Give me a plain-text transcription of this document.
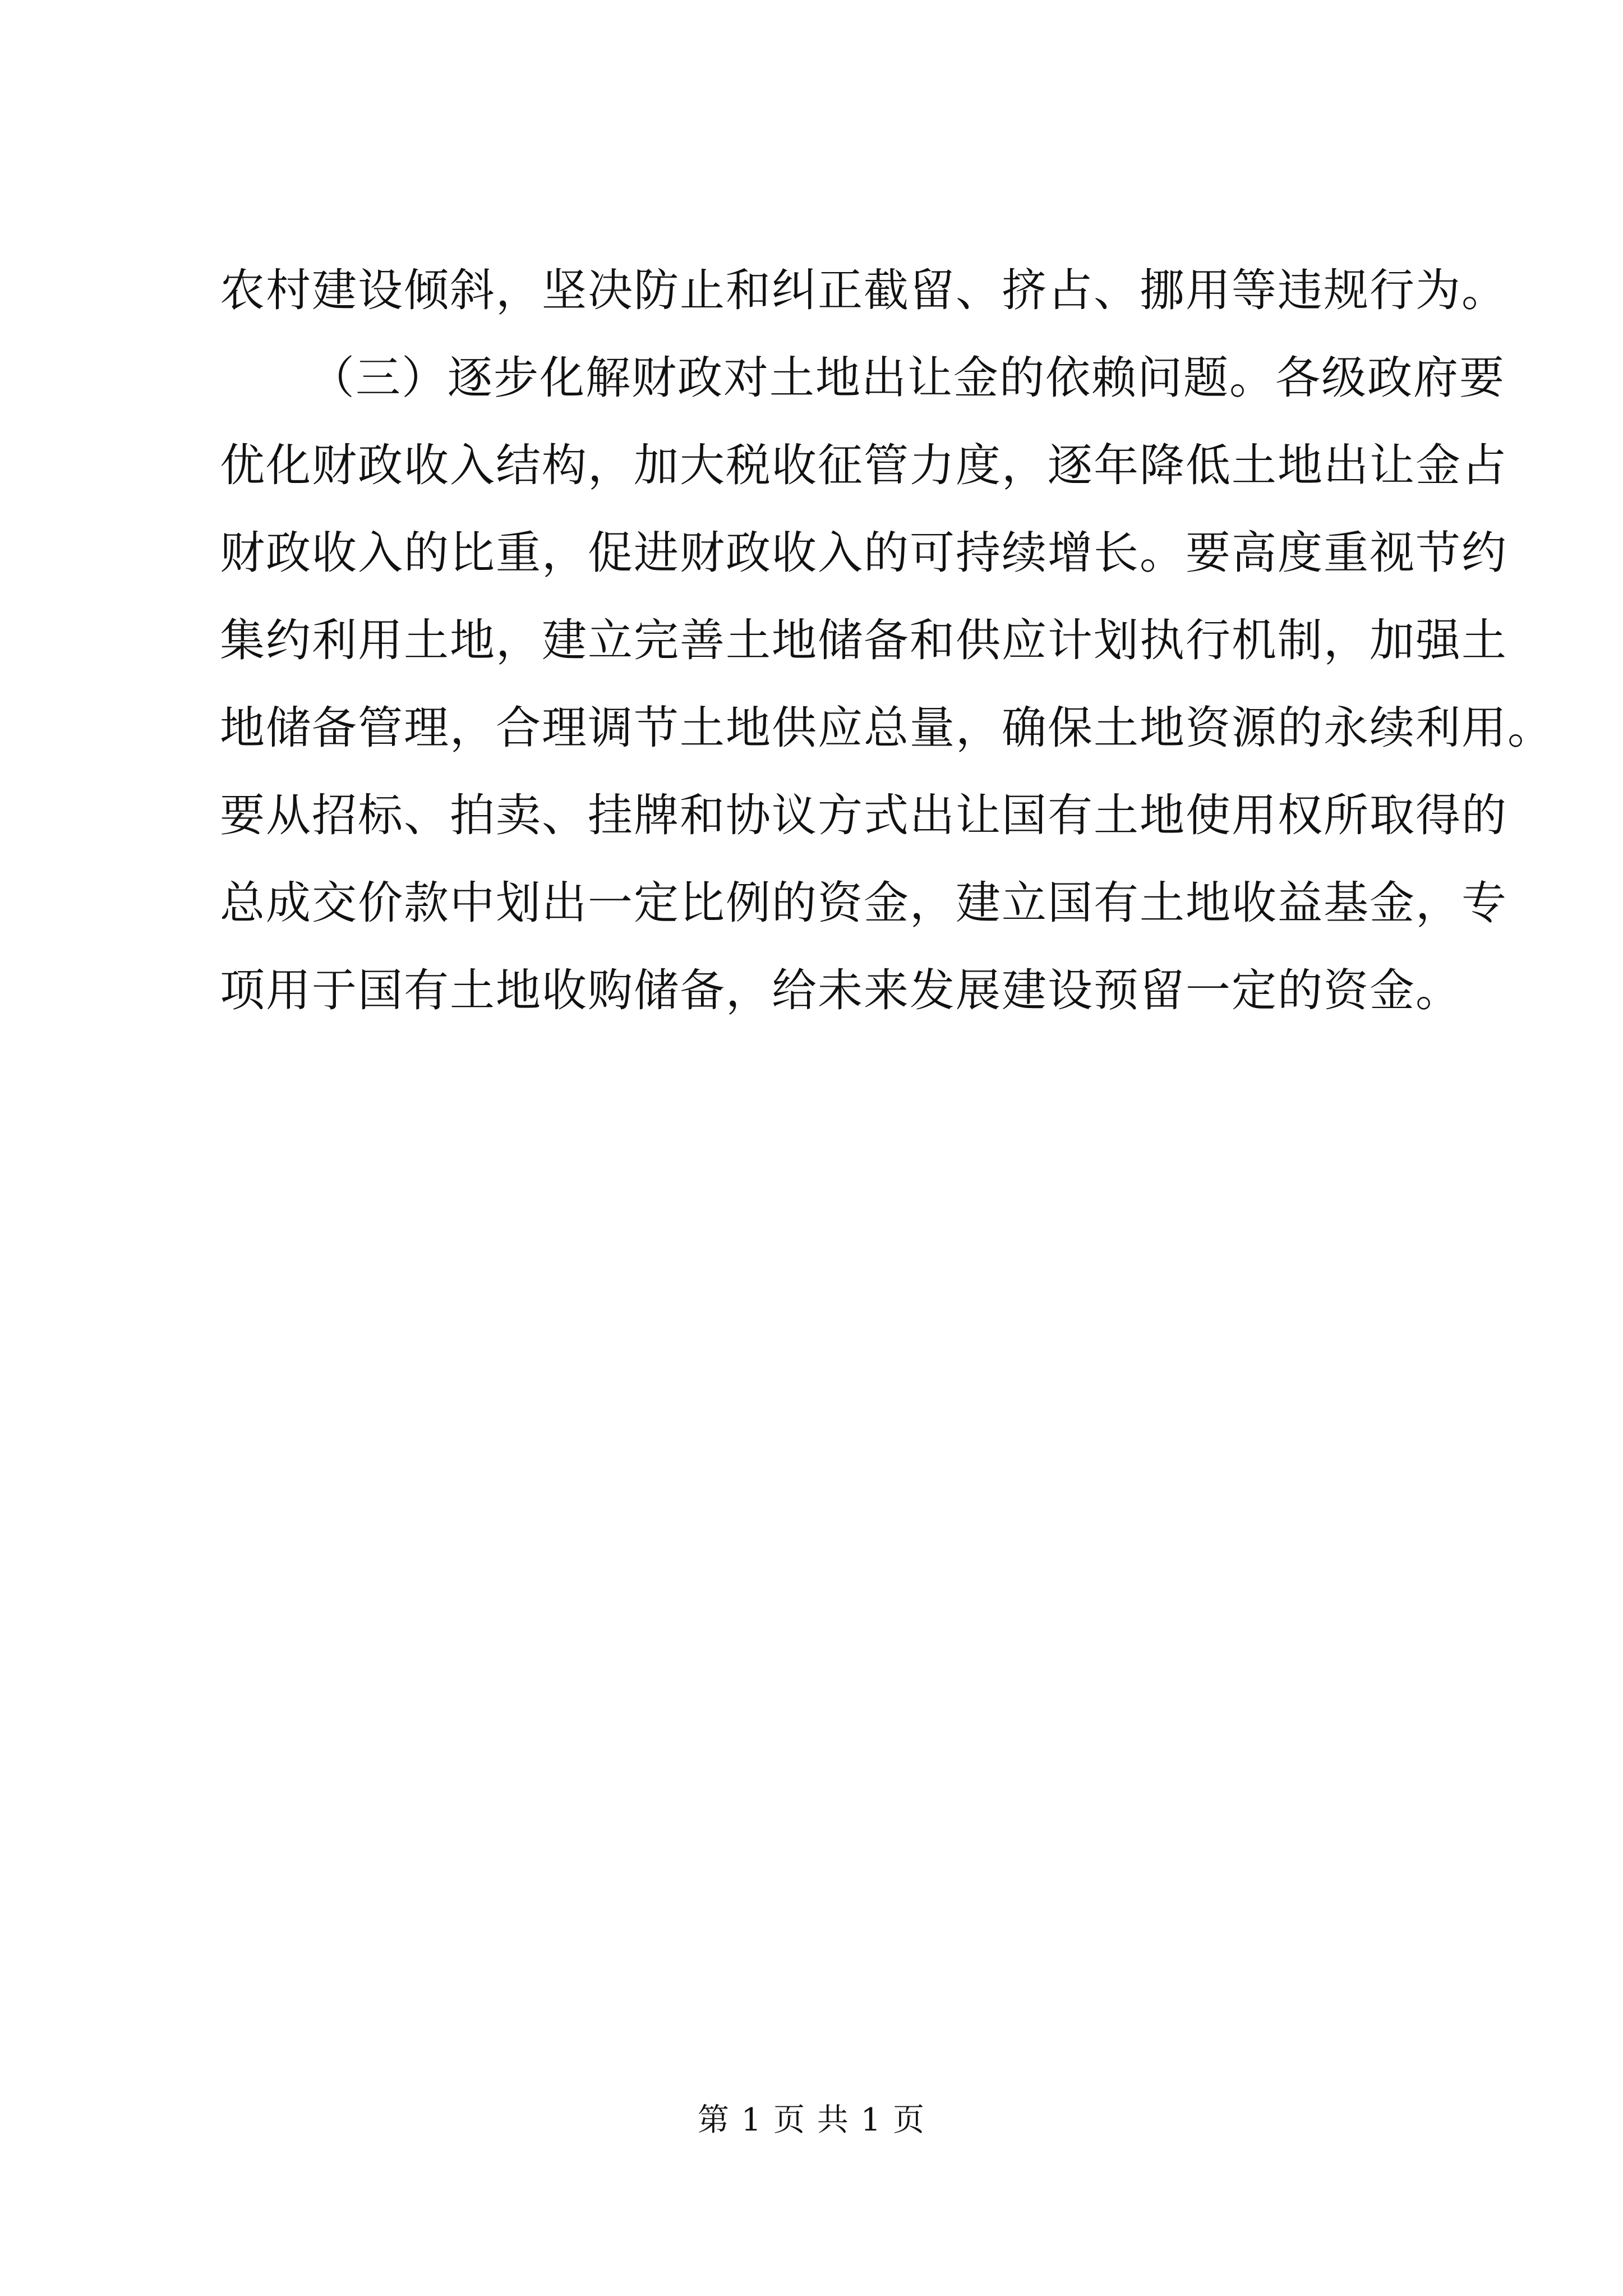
农村建设倾斜，坚决防止和纠正截留、挤占、挪用等违规行为。
（三）逐步化解财政对土地出让金的依赖问题。各级政府要
优化财政收入结构，加大税收征管力度，逐年降低土地出让金占
财政收入的比重，促进财政收入的可持续增长。要高度重视节约
集约利用土地，建立完善土地储备和供应计划执行机制，加强土
地储备管理，合理调节土地供应总量，确保土地资源的永续利用。
要从招标、拍卖、挂牌和协议方式出让国有土地使用权所取得的
总成交价款中划出一定比例的资金，建立国有土地收益基金，专
项用于国有土地收购储备，给未来发展建设预留一定的资金。
第 1 页 共 1 页
